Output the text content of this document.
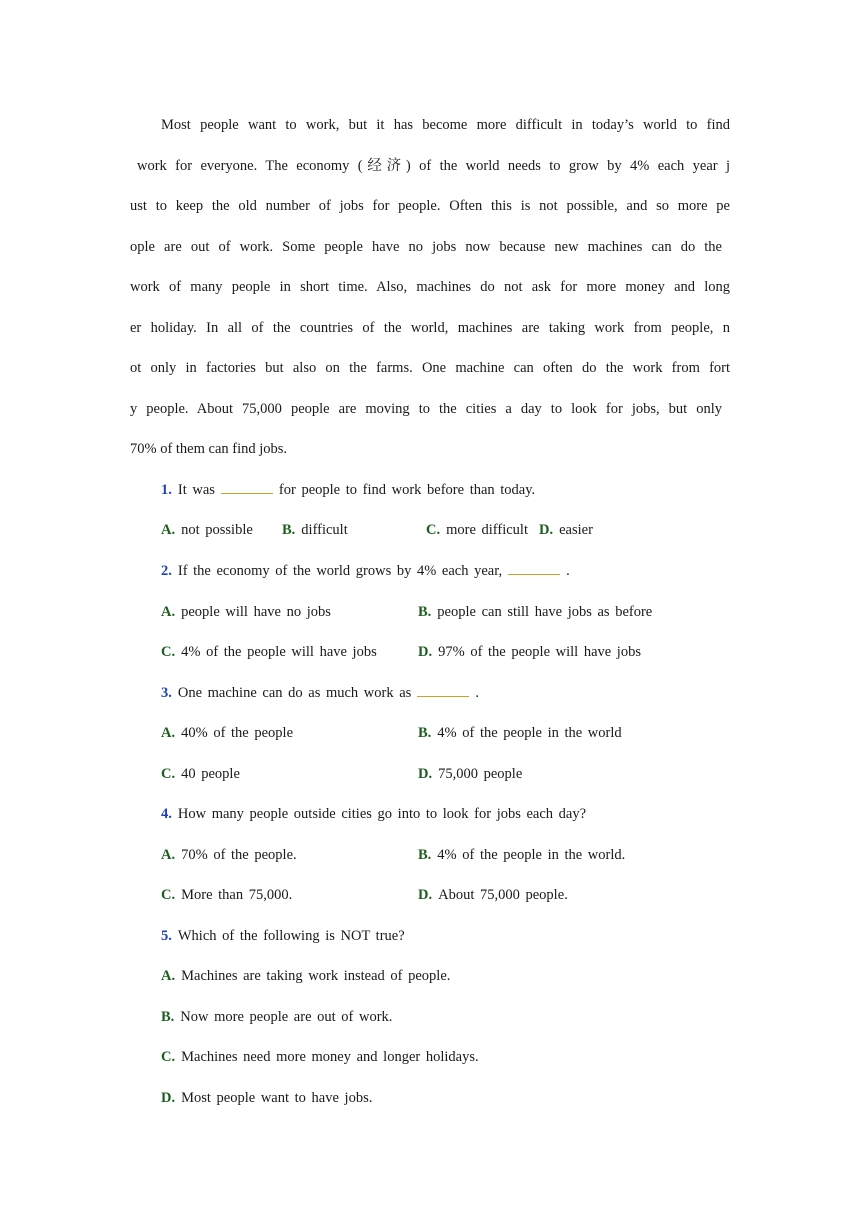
Most people want to work, but it has become more difficult in today’s world to find
work for everyone. The economy (经济) of the world needs to grow by 4% each year j
ust to keep the old number of jobs for people. Often this is not possible, and so more pe
ople are out of work. Some people have no jobs now because new machines can do the
work of many people in short time. Also, machines do not ask for more money and long
er holiday. In all of the countries of the world, machines are taking work from people, n
ot only in factories but also on the farms. One machine can often do the work from fort
y people. About 75,000 people are moving to the cities a day to look for jobs, but only
70% of them can find jobs.
1. It was	for people to find work before than today.
A. not possible B. difficult	C. more difficult D. easier
2. If the economy of the world grows by 4% each year,	.
A. people will have no jobs	B. people can still have jobs as before
C. 4% of the people will have jobs	D. 97% of the people will have jobs
3. One machine can do as much work as	.
A. 40% of the people	B. 4% of the people in the world
C. 40 people	D. 75,000 people
4. How many people outside cities go into to look for jobs each day?
A. 70% of the people.	B. 4% of the people in the world.
C. More than 75,000.	D. About 75,000 people.
5. Which of the following is NOT true?
A. Machines are taking work instead of people.
B. Now more people are out of work.
C. Machines need more money and longer holidays.
D. Most people want to have jobs.
